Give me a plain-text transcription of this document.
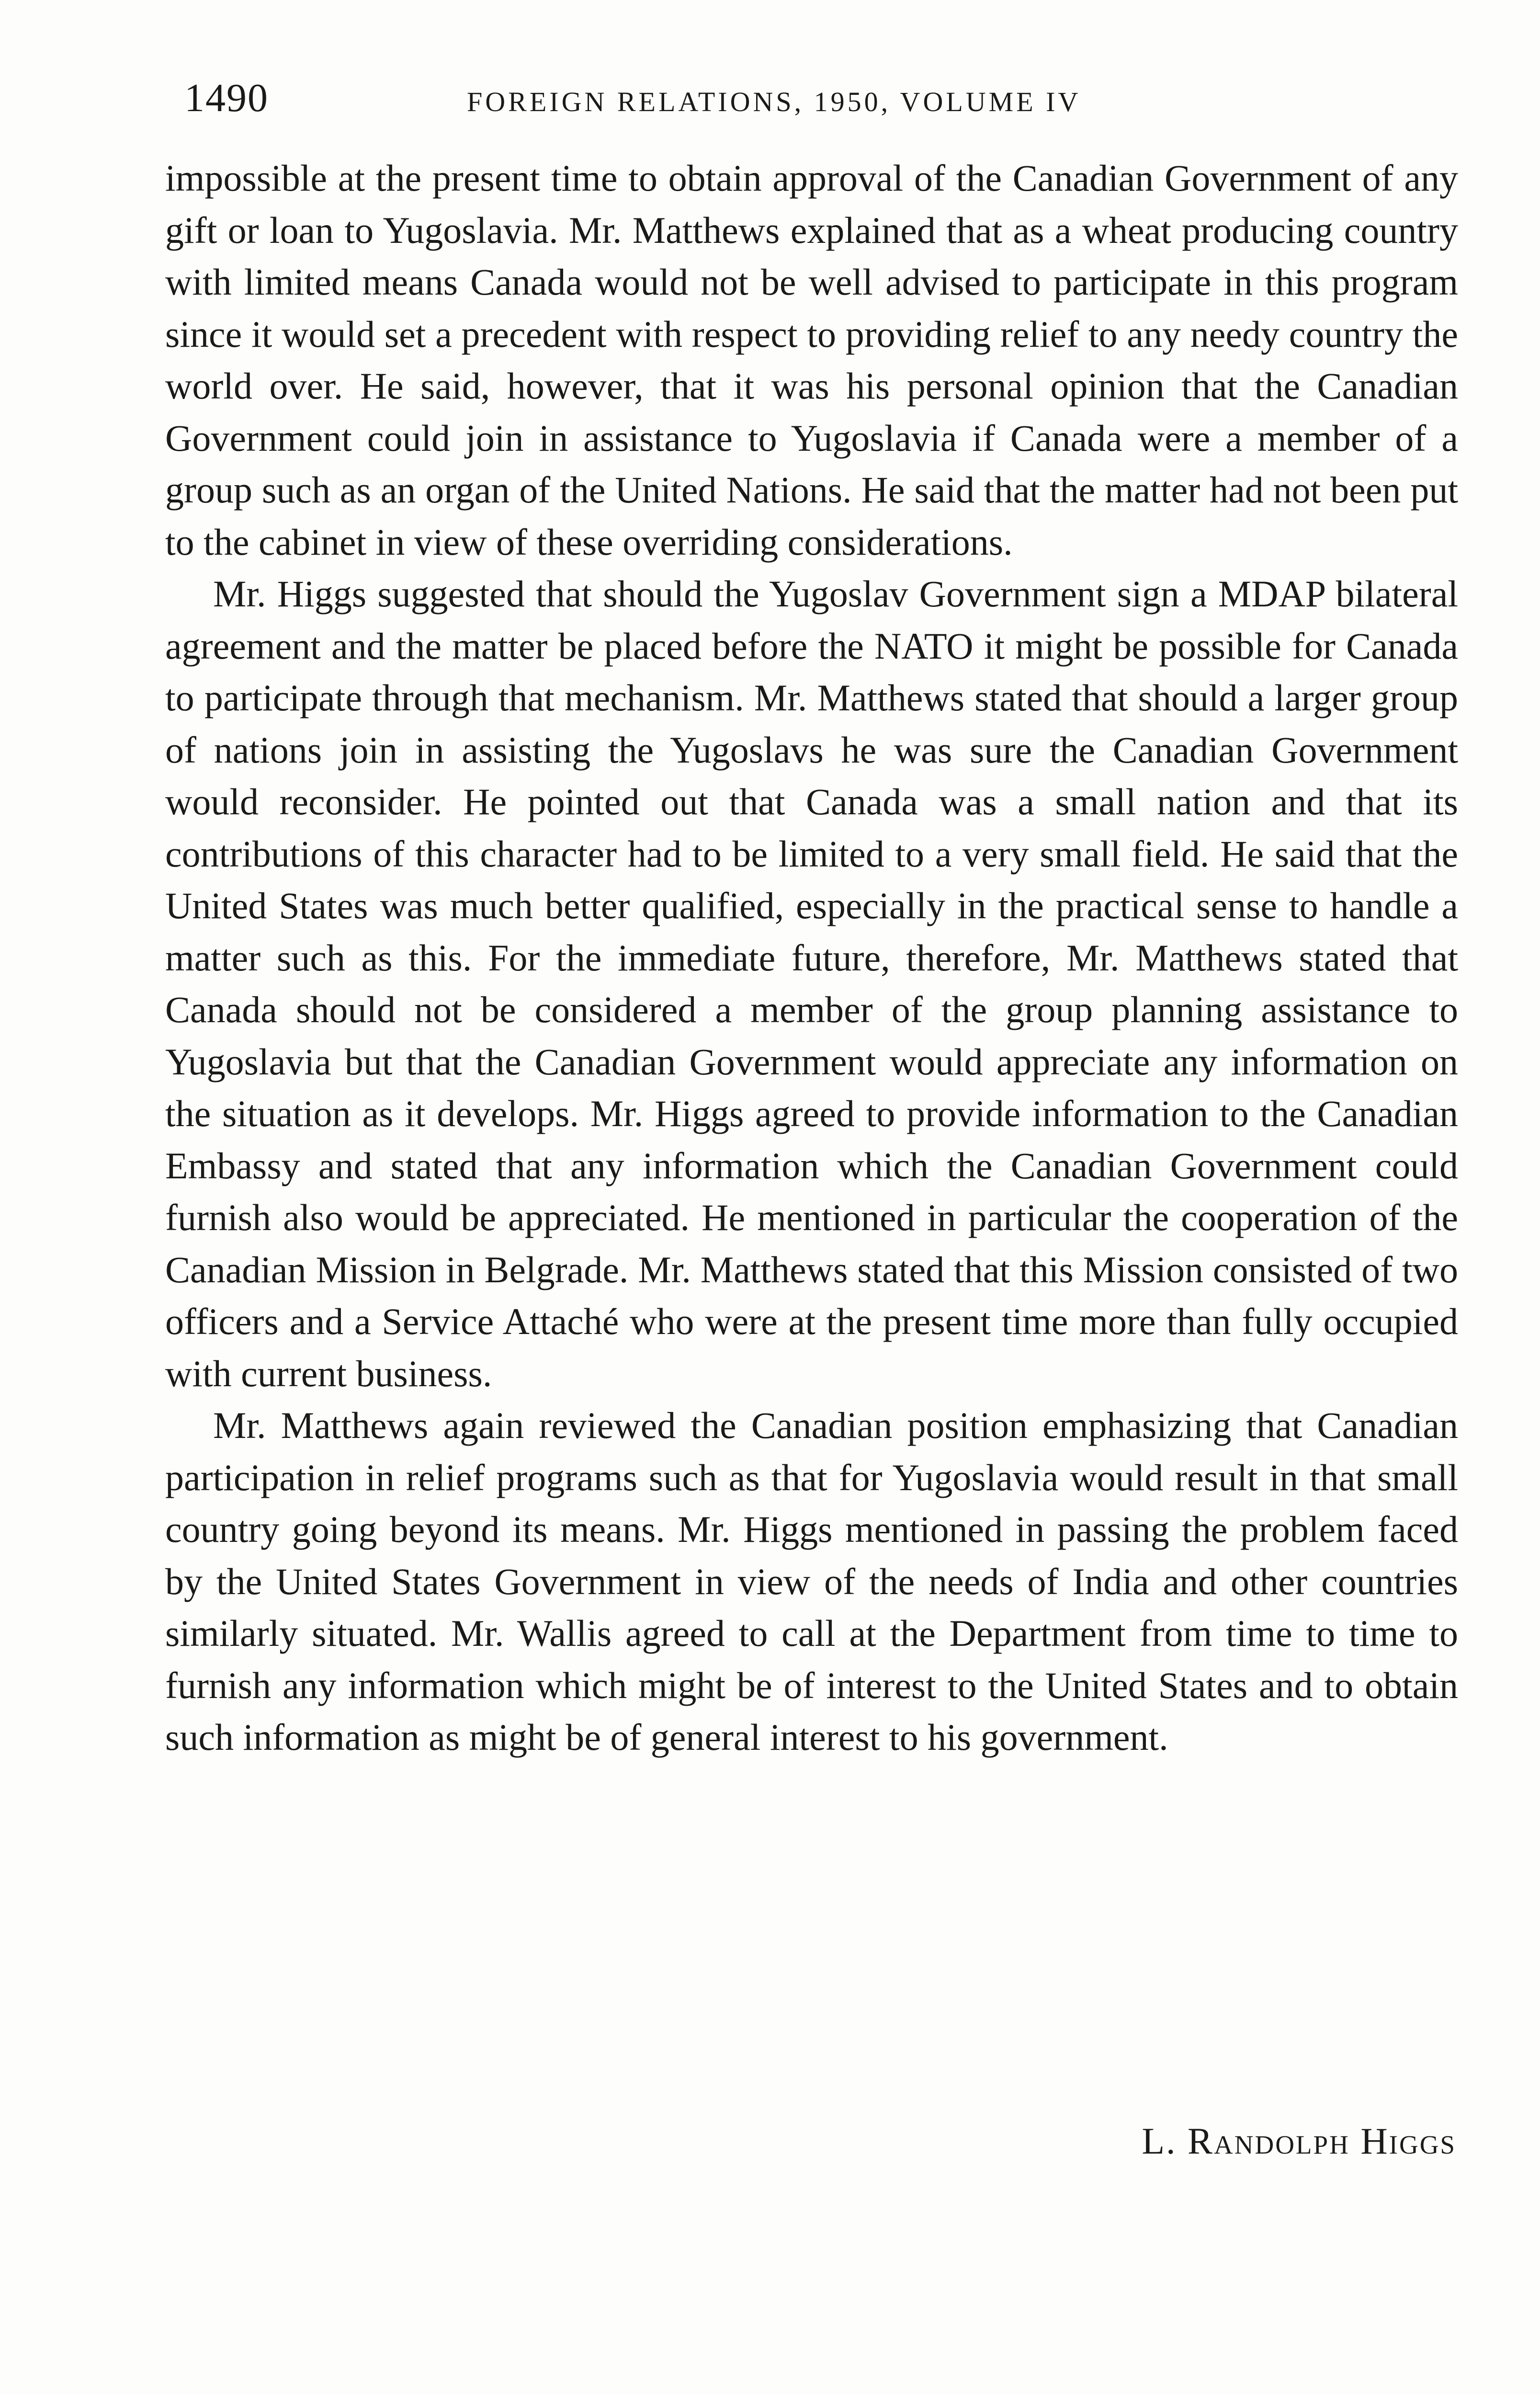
1490	FOREIGN RELATIONS, 1950, VOLUME IV

impossible at the present time to obtain approval of the Canadian Government of any gift or loan to Yugoslavia. Mr. Matthews explained that as a wheat producing country with limited means Canada would not be well advised to participate in this program since it would set a precedent with respect to providing relief to any needy country the world over. He said, however, that it was his personal opinion that the Canadian Government could join in assistance to Yugoslavia if Canada were a member of a group such as an organ of the United Nations. He said that the matter had not been put to the cabinet in view of these overriding considerations.

Mr. Higgs suggested that should the Yugoslav Government sign a MDAP bilateral agreement and the matter be placed before the NATO it might be possible for Canada to participate through that mechanism. Mr. Matthews stated that should a larger group of nations join in assisting the Yugoslavs he was sure the Canadian Government would reconsider. He pointed out that Canada was a small nation and that its contributions of this character had to be limited to a very small field. He said that the United States was much better qualified, especially in the practical sense to handle a matter such as this. For the immediate future, therefore, Mr. Matthews stated that Canada should not be considered a member of the group planning assistance to Yugoslavia but that the Canadian Government would appreciate any information on the situation as it develops. Mr. Higgs agreed to provide information to the Canadian Embassy and stated that any information which the Canadian Government could furnish also would be appreciated. He mentioned in particular the cooperation of the Canadian Mission in Belgrade. Mr. Matthews stated that this Mission consisted of two officers and a Service Attaché who were at the present time more than fully occupied with current business.

Mr. Matthews again reviewed the Canadian position emphasizing that Canadian participation in relief programs such as that for Yugoslavia would result in that small country going beyond its means. Mr. Higgs mentioned in passing the problem faced by the United States Government in view of the needs of India and other countries similarly situated. Mr. Wallis agreed to call at the Department from time to time to furnish any information which might be of interest to the United States and to obtain such information as might be of general interest to his government.

L. Randolph Higgs
